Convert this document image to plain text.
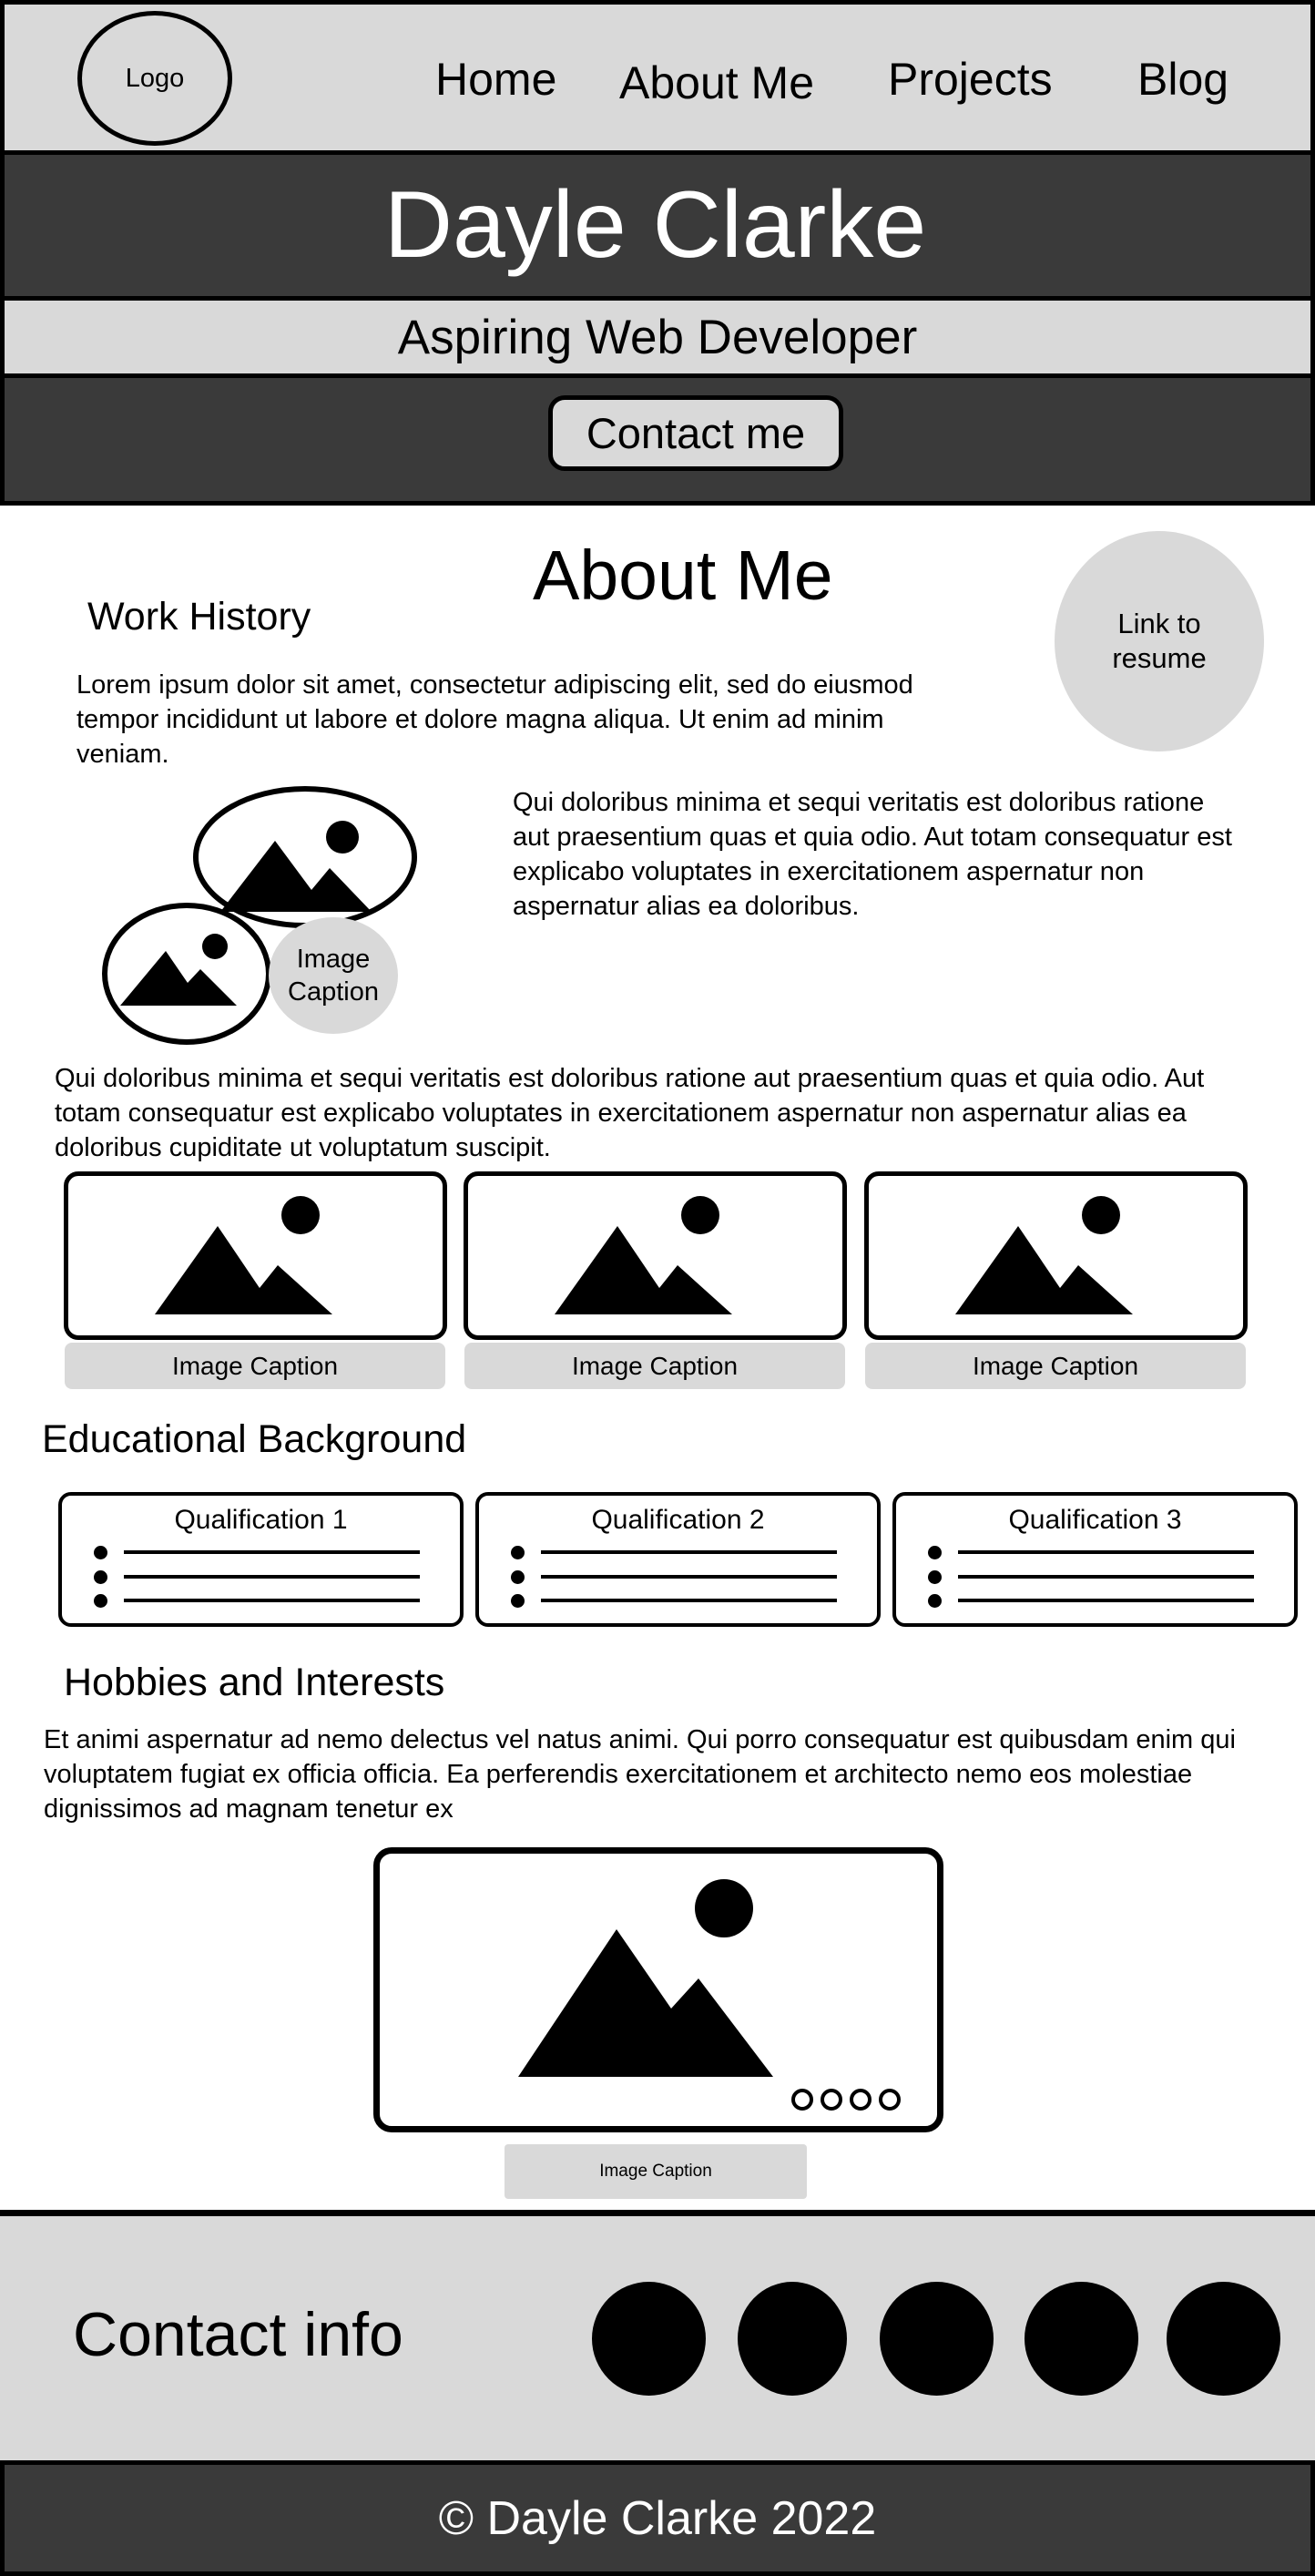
Logo	Home About Me Projects Blog
Dayle Clarke
Aspiring Web Developer
Contact me
About Me
Link to
resume
Work History

Lorem ipsum dolor sit amet, consectetur adipiscing elit, sed do eiusmod tempor incididunt ut labore et dolore magna aliqua. Ut enim ad minim veniam.

Image
Caption

Qui doloribus minima et sequi veritatis est doloribus ratione aut praesentium quas et quia odio. Aut totam consequatur est explicabo voluptates in exercitationem aspernatur non aspernatur alias ea doloribus.

Qui doloribus minima et sequi veritatis est doloribus ratione aut praesentium quas et quia odio. Aut totam consequatur est explicabo voluptates in exercitationem aspernatur non aspernatur alias ea doloribus cupiditate ut voluptatum suscipit.

Image Caption	Image Caption	Image Caption
Educational Background
Qualification 1	Qualification 2	Qualification 3
Hobbies and Interests

Et animi aspernatur ad nemo delectus vel natus animi. Qui porro consequatur est quibusdam enim qui voluptatem fugiat ex officia officia. Ea perferendis exercitationem et architecto nemo eos molestiae dignissimos ad magnam tenetur ex

Image Caption
Contact info
© Dayle Clarke 2022
